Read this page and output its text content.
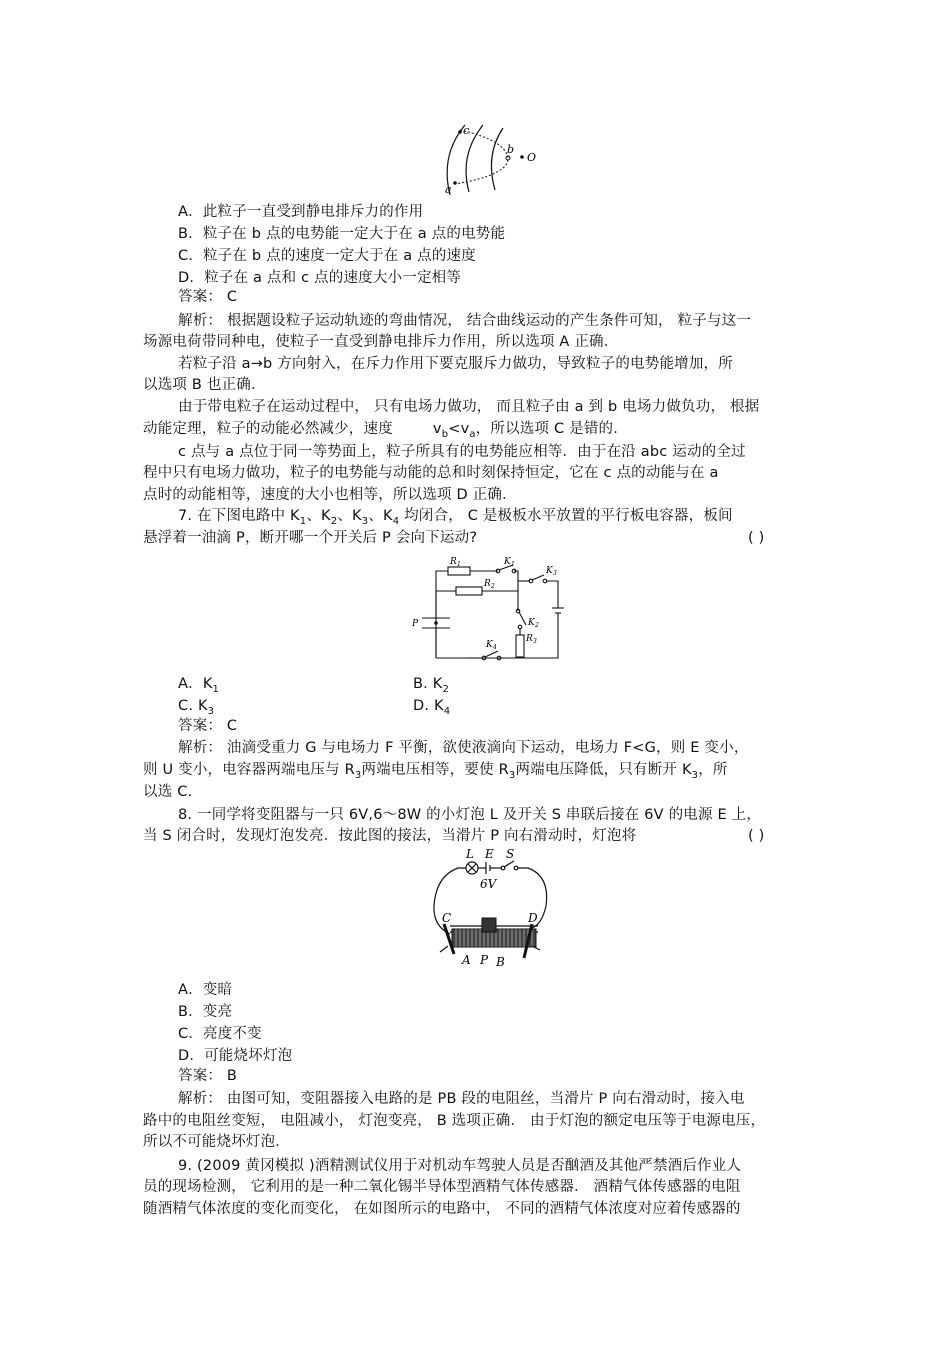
c
b
O
a
A．此粒子一直受到静电排斥力的作用
B．粒子在 b 点的电势能一定大于在 a 点的电势能
C．粒子在 b 点的速度一定大于在 a 点的速度
D．粒子在 a 点和 c 点的速度大小一定相等
答案： C
解析： 根据题设粒子运动轨迹的弯曲情况， 结合曲线运动的产生条件可知， 粒子与这一
场源电荷带同种电，使粒子一直受到静电排斥力作用，所以选项 A 正确．
若粒子沿 a→b 方向射入，在斥力作用下要克服斥力做功，导致粒子的电势能增加，所
以选项 B 也正确．
由于带电粒子在运动过程中， 只有电场力做功， 而且粒子由 a 到 b 电场力做负功， 根据
动能定理，粒子的动能必然减少，速度	$v_b<v_a$，所以选项 C 是错的．
c 点与 a 点位于同一等势面上，粒子所具有的电势能应相等．由于在沿 abc 运动的全过
程中只有电场力做功，粒子的电势能与动能的总和时刻保持恒定，它在 c 点的动能与在 a
点时的动能相等，速度的大小也相等，所以选项 D 正确．
7. 在下图电路中 $K_1$、$K_2$、$K_3$、$K_4$ 均闭合， C 是极板水平放置的平行板电容器，板间
悬浮着一油滴 P，断开哪一个开关后 P 会向下运动?	( )
R 1	K 1
R 2
K 3
P	K 2
R 3
K 4
A．$K_1$	B. $K_2$
C. $K_3$	D. $K_4$
答案： C
解析： 油滴受重力 G 与电场力 F 平衡，欲使液滴向下运动，电场力 F<G，则 E 变小，
则 U 变小，电容器两端电压与 $R_3$两端电压相等，要使 $R_3$两端电压降低，只有断开 $K_3$，所
以选 C.
8. 一同学将变阻器与一只 6V,6～8W 的小灯泡 L 及开关 S 串联后接在 6V 的电源 E 上，
当 S 闭合时，发现灯泡发亮．按此图的接法，当滑片 P 向右滑动时，灯泡将	( )
L E S
6V
C	D
A P B
A．变暗
B．变亮
C．亮度不变
D．可能烧坏灯泡
答案： B
解析： 由图可知，变阻器接入电路的是 PB 段的电阻丝，当滑片 P 向右滑动时，接入电
路中的电阻丝变短， 电阻减小， 灯泡变亮， B 选项正确． 由于灯泡的额定电压等于电源电压，
所以不可能烧坏灯泡．
9. (2009 黄冈模拟 )酒精测试仪用于对机动车驾驶人员是否酗酒及其他严禁酒后作业人
员的现场检测， 它利用的是一种二氧化锡半导体型酒精气体传感器． 酒精气体传感器的电阻
随酒精气体浓度的变化而变化， 在如图所示的电路中， 不同的酒精气体浓度对应着传感器的
